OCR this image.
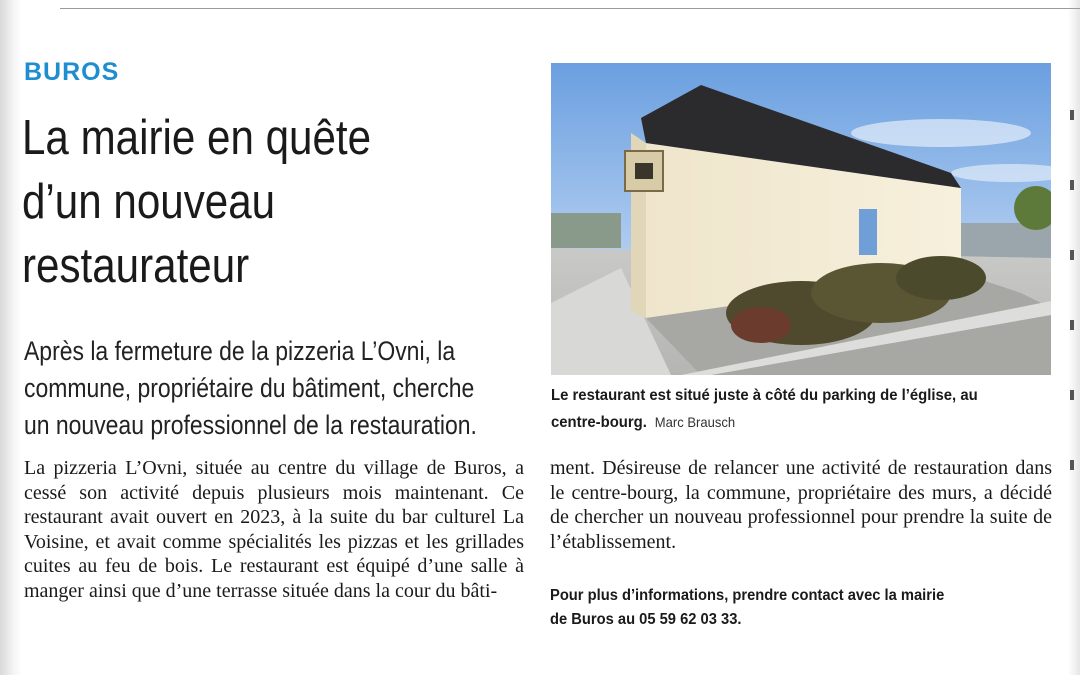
BUROS
La mairie en quête
d’un nouveau
restaurateur

Après la fermeture de la pizzeria L’Ovni, la
commune, propriétaire du bâtiment, cherche
un nouveau professionnel de la restauration.

La pizzeria L’Ovni, située au centre du village de Buros, a cessé son activité depuis plusieurs mois maintenant. Ce restaurant avait ouvert en 2023, à la suite du bar culturel La Voisine, et avait comme spécialités les pizzas et les grillades cuites au feu de bois. Le restaurant est équipé d’une salle à manger ainsi que d’une terrasse située dans la cour du bâti-

ment. Désireuse de relancer une activité de restauration dans le centre-bourg, la commune, propriétaire des murs, a décidé de chercher un nouveau professionnel pour prendre la suite de l’établissement.

Pour plus d’informations, prendre contact avec la mairie
de Buros au 05 59 62 03 33.

Le restaurant est situé juste à côté du parking de l’église, au
centre-bourg. Marc Brausch
